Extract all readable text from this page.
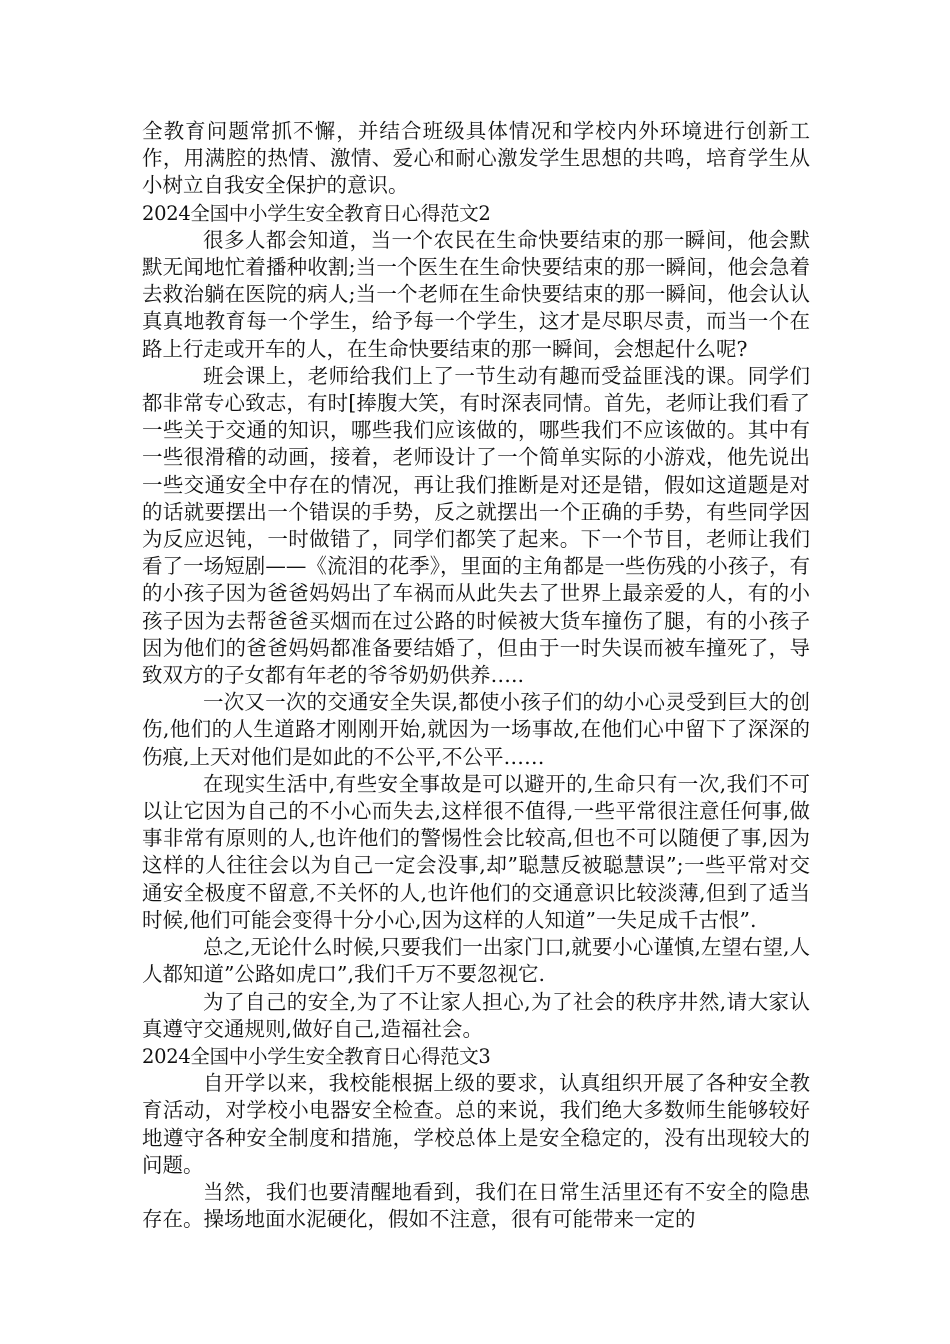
全教育问题常抓不懈，并结合班级具体情况和学校内外环境进行创新工作，用满腔的热情、激情、爱心和耐心激发学生思想的共鸣，培育学生从小树立自我安全保护的意识。

2024全国中小学生安全教育日心得范文2

很多人都会知道，当一个农民在生命快要结束的那一瞬间，他会默默无闻地忙着播种收割;当一个医生在生命快要结束的那一瞬间，他会急着去救治躺在医院的病人;当一个老师在生命快要结束的那一瞬间，他会认认真真地教育每一个学生，给予每一个学生，这才是尽职尽责，而当一个在路上行走或开车的人，在生命快要结束的那一瞬间，会想起什么呢?

班会课上，老师给我们上了一节生动有趣而受益匪浅的课。同学们都非常专心致志，有时[捧腹大笑，有时深表同情。首先，老师让我们看了一些关于交通的知识，哪些我们应该做的，哪些我们不应该做的。其中有一些很滑稽的动画，接着，老师设计了一个简单实际的小游戏，他先说出一些交通安全中存在的情况，再让我们推断是对还是错，假如这道题是对的话就要摆出一个错误的手势，反之就摆出一个正确的手势，有些同学因为反应迟钝，一时做错了，同学们都笑了起来。下一个节目，老师让我们看了一场短剧——《流泪的花季》，里面的主角都是一些伤残的小孩子，有的小孩子因为爸爸妈妈出了车祸而从此失去了世界上最亲爱的人，有的小孩子因为去帮爸爸买烟而在过公路的时候被大货车撞伤了腿，有的小孩子因为他们的爸爸妈妈都准备要结婚了，但由于一时失误而被车撞死了，导致双方的子女都有年老的爷爷奶奶供养…..

一次又一次的交通安全失误,都使小孩子们的幼小心灵受到巨大的创伤,他们的人生道路才刚刚开始,就因为一场事故,在他们心中留下了深深的伤痕,上天对他们是如此的不公平,不公平……

在现实生活中,有些安全事故是可以避开的,生命只有一次,我们不可以让它因为自己的不小心而失去,这样很不值得,一些平常很注意任何事,做事非常有原则的人,也许他们的警惕性会比较高,但也不可以随便了事,因为这样的人往往会以为自己一定会没事,却”聪慧反被聪慧误”;一些平常对交通安全极度不留意,不关怀的人,也许他们的交通意识比较淡薄,但到了适当时候,他们可能会变得十分小心,因为这样的人知道”一失足成千古恨”.

总之,无论什么时候,只要我们一出家门口,就要小心谨慎,左望右望,人人都知道”公路如虎口”,我们千万不要忽视它.

为了自己的安全,为了不让家人担心,为了社会的秩序井然,请大家认真遵守交通规则,做好自己,造福社会。

2024全国中小学生安全教育日心得范文3

自开学以来，我校能根据上级的要求，认真组织开展了各种安全教育活动，对学校小电器安全检查。总的来说，我们绝大多数师生能够较好地遵守各种安全制度和措施，学校总体上是安全稳定的，没有出现较大的问题。

当然，我们也要清醒地看到，我们在日常生活里还有不安全的隐患存在。操场地面水泥硬化，假如不注意，很有可能带来一定的
